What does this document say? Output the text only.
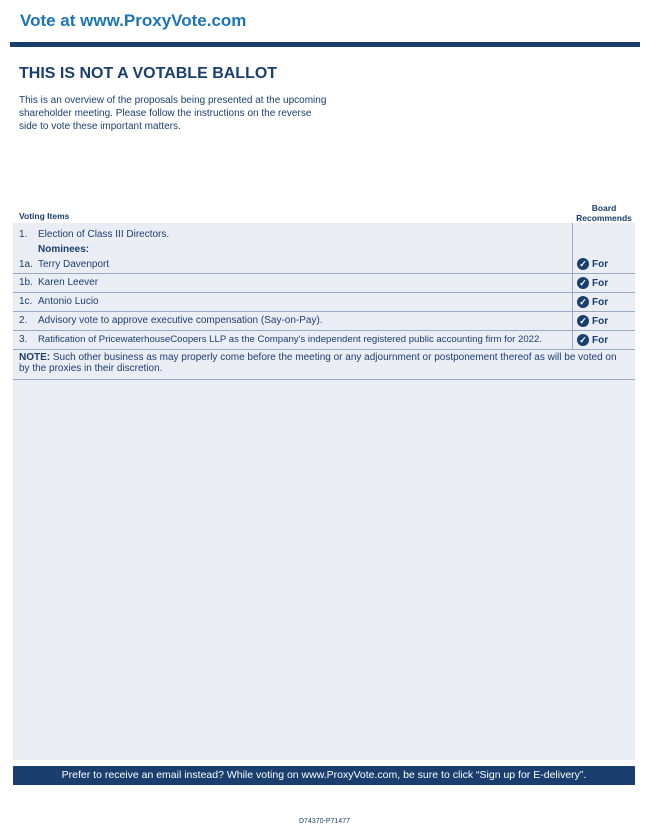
Vote at www.ProxyVote.com
THIS IS NOT A VOTABLE BALLOT
This is an overview of the proposals being presented at the upcoming shareholder meeting. Please follow the instructions on the reverse side to vote these important matters.
Voting Items
Board
Recommends
1. Election of Class III Directors.
Nominees:
1a. Terry Davenport	✓ For
1b. Karen Leever	✓ For
1c. Antonio Lucio	✓ For
2. Advisory vote to approve executive compensation (Say-on-Pay).	✓ For
3. Ratification of PricewaterhouseCoopers LLP as the Company's independent registered public accounting firm for 2022.	✓ For
NOTE: Such other business as may properly come before the meeting or any adjournment or postponement thereof as will be voted on by the proxies in their discretion.
Prefer to receive an email instead? While voting on www.ProxyVote.com, be sure to click “Sign up for E-delivery”.
D74370-P71477
